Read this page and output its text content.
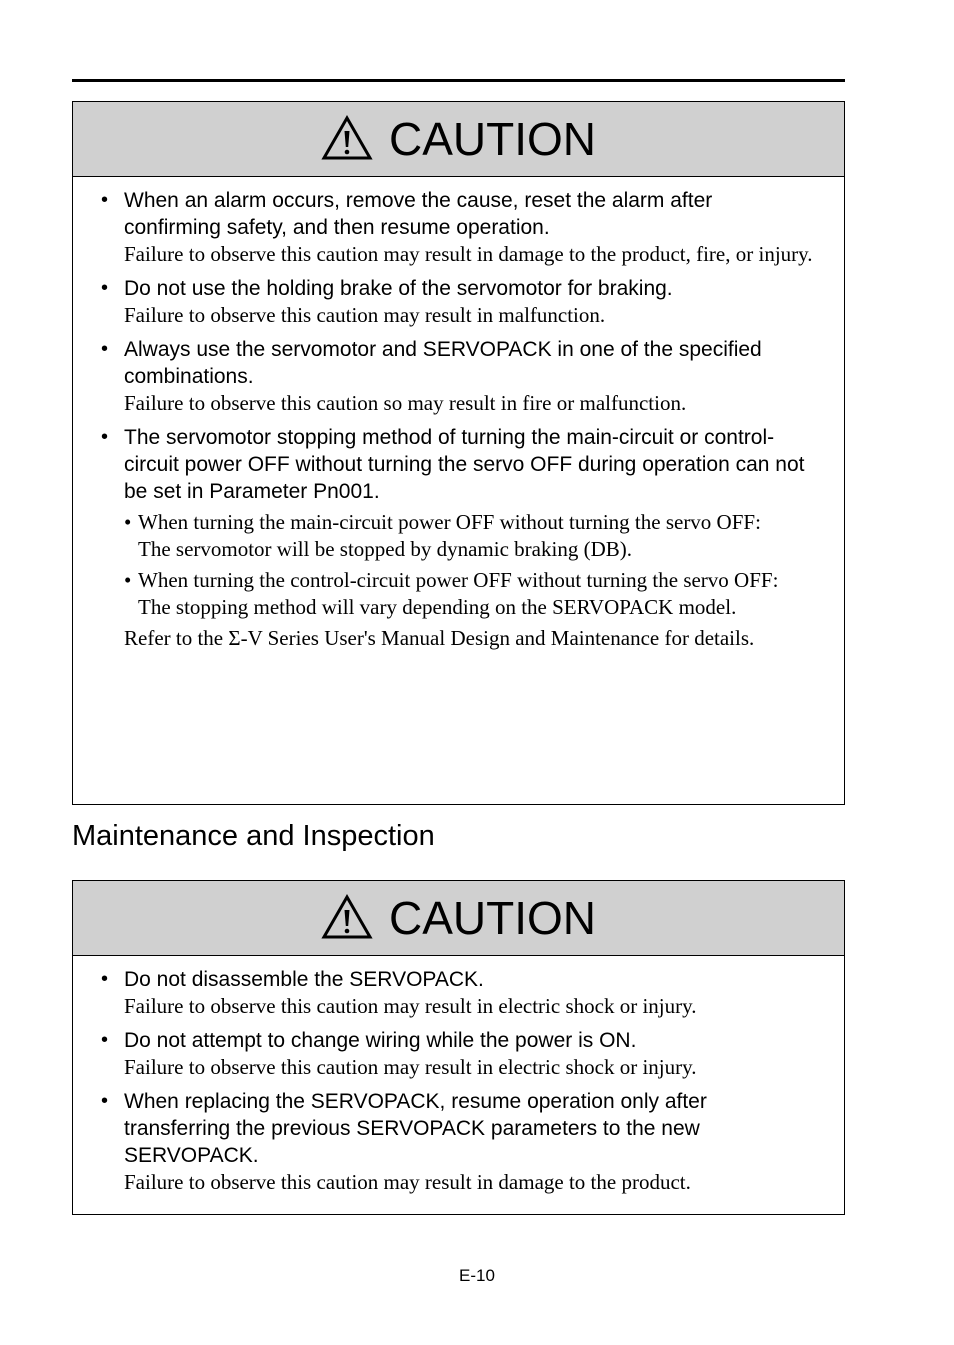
CAUTION
• When an alarm occurs, remove the cause, reset the alarm after confirming safety, and then resume operation.
Failure to observe this caution may result in damage to the product, fire, or injury.
• Do not use the holding brake of the servomotor for braking.
Failure to observe this caution may result in malfunction.
• Always use the servomotor and SERVOPACK in one of the specified combinations.
Failure to observe this caution so may result in fire or malfunction.
• The servomotor stopping method of turning the main-circuit or control-circuit power OFF without turning the servo OFF during operation can not be set in Parameter Pn001.
• When turning the main-circuit power OFF without turning the servo OFF:
The servomotor will be stopped by dynamic braking (DB).
• When turning the control-circuit power OFF without turning the servo OFF:
The stopping method will vary depending on the SERVOPACK model.
Refer to the Σ-V Series User's Manual Design and Maintenance for details.
Maintenance and Inspection
CAUTION
• Do not disassemble the SERVOPACK.
Failure to observe this caution may result in electric shock or injury.
• Do not attempt to change wiring while the power is ON.
Failure to observe this caution may result in electric shock or injury.
• When replacing the SERVOPACK, resume operation only after transferring the previous SERVOPACK parameters to the new SERVOPACK.
Failure to observe this caution may result in damage to the product.
E-10
